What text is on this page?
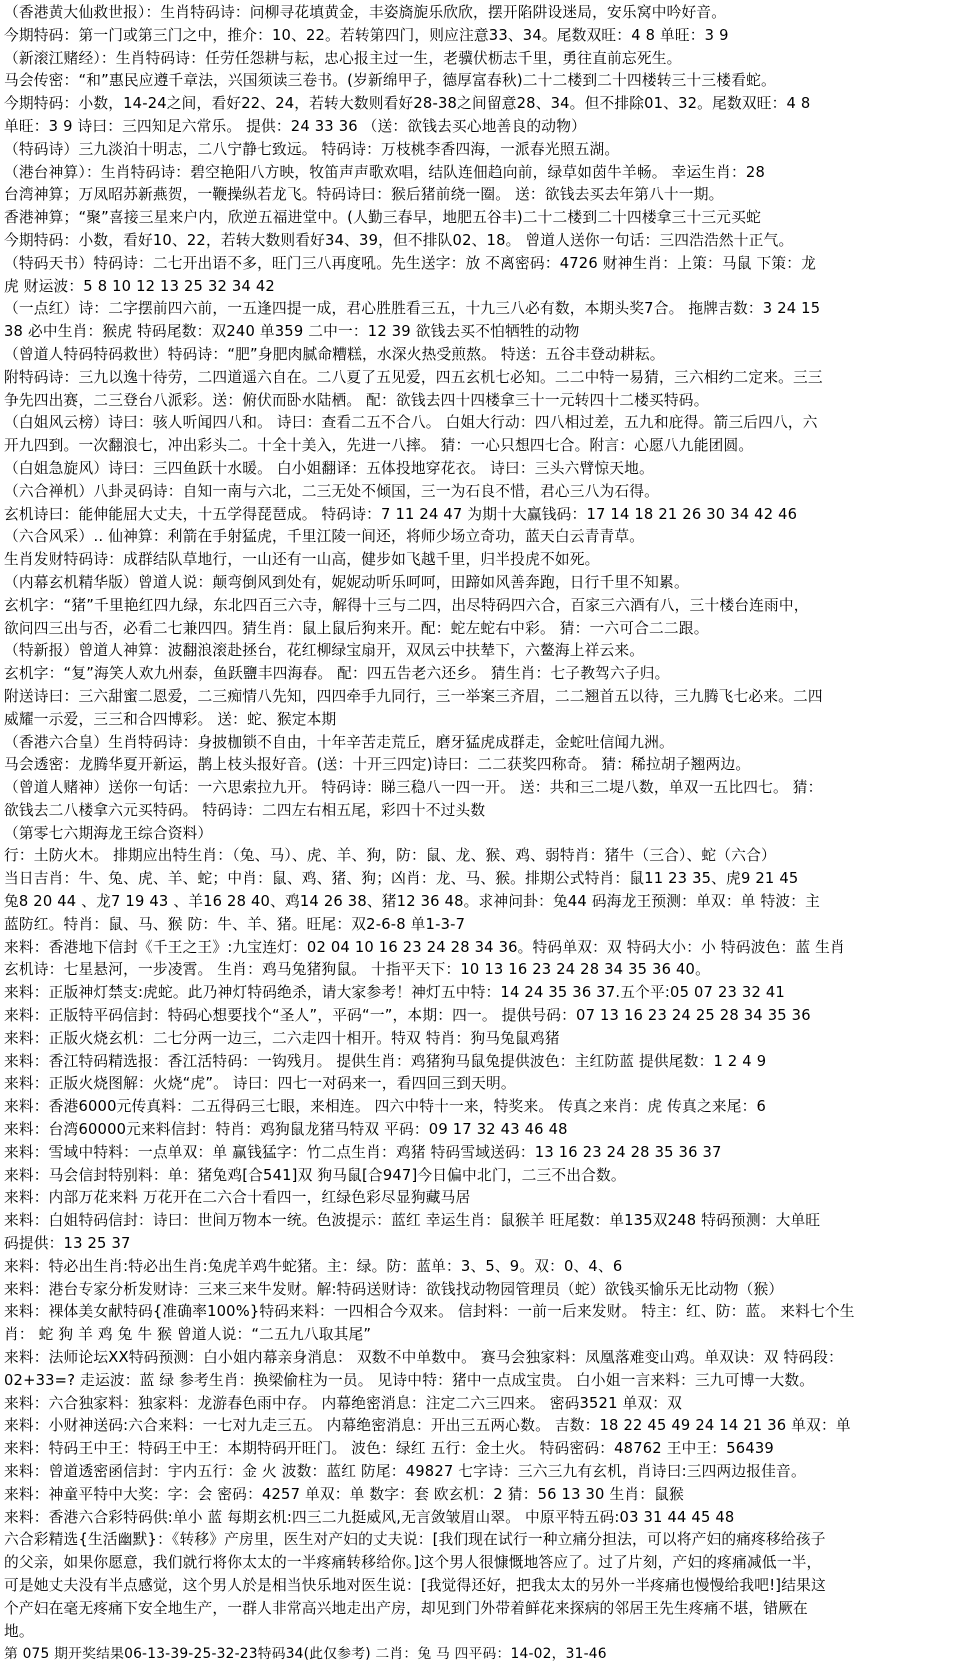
（香港黄大仙救世报）：生肖特码诗：问柳寻花填黄金，丰姿旖旎乐欣欣，摆开陷阱设迷局，安乐窝中吟好音。
今期特码：第一门或第三门之中，推介：10、22。若转第四门，则应注意33、34。尾数双旺：4 8 单旺：3 9
（新滚江赌经）：生肖特码诗：任劳任怨耕与耘，忠心报主过一生，老骥伏枥志千里，勇往直前忘死生。
马会传密：“和”惠民应遵千章法，兴国须读三卷书。(岁新绵甲子，德厚富春秋)二十二楼到二十四楼转三十三楼看蛇。
今期特码：小数，14-24之间，看好22、24，若转大数则看好28-38之间留意28、34。但不排除01、32。尾数双旺：4 8
单旺：3 9 诗曰：三四知足六常乐。 提供：24 33 36 （送：欲钱去买心地善良的动物）
（特码诗）三九淡泊十明志，二八宁静七致远。 特码诗：万枝桃李香四海，一派春光照五湖。
（港台神算）：生肖特码诗：碧空艳阳八方映，牧笛声声歌欢唱，结队连佃趋向前，绿草如茵牛羊畅。 幸运生肖：28
台湾神算；万凤昭苏新燕贺，一鞭操纵若龙飞。特码诗曰：猴后猪前绕一圈。 送：欲钱去买去年第八十一期。
香港神算；“聚”喜接三星来户内，欣逆五福进堂中。(人勤三春早，地肥五谷丰)二十二楼到二十四楼拿三十三元买蛇
今期特码：小数，看好10、22，若转大数则看好34、39，但不排队02、18。 曾道人送你一句话：三四浩浩然十正气。
（特码天书）特码诗：二七开出语不多，旺门三八再度吼。先生送字：放 不离密码：4726 财神生肖：上策：马鼠 下策：龙
虎 财运波：5 8 10 12 13 25 32 34 42
（一点红）诗：二字摆前四六前，一五逢四提一成，君心胜胜看三五，十九三八必有数，本期头奖7合。 拖牌吉数：3 24 15
38 必中生肖：猴虎 特码尾数：双240 单359 二中一：12 39 欲钱去买不怕牺牲的动物
（曾道人特码特码救世）特码诗：“肥”身肥肉腻命糟糕，水深火热受煎熬。 特送：五谷丰登动耕耘。
附特码诗：三九以逸十待劳，二四道遥六自在。二八夏了五见爱，四五玄机七必知。二二中特一易猜，三六相约二定来。三三
争先四出赛，二三登台八派彩。送：俯伏而卧水陆栖。 配：欲钱去四十四楼拿三十一元转四十二楼买特码。
（白姐风云榜）诗曰：骇人听闻四八和。 诗曰：查看二五不合八。 白姐大行动：四八相过差，五九和庇得。箭三后四八，六
开九四到。一次翻浪七，冲出彩头二。十全十美入，先进一八摔。 猜：一心只想四七合。附言：心愿八九能团圆。
（白姐急旋风）诗曰：三四鱼跃十水暖。 白小姐翻译：五体投地穿花衣。 诗曰：三头六臂惊天地。
（六合禅机）八卦灵码诗：自知一南与六北，二三无处不倾国，三一为石良不惜，君心三八为石得。
玄机诗曰：能伸能屈大丈夫，十五学得琵琶成。 特码诗：7 11 24 47 为期十大赢钱码：17 14 18 21 26 30 34 42 46
（六合风采）‥ 仙神算：利箭在手射猛虎，千里江陵一间还，将师少场立奇功，蓝天白云青青草。
生肖发财特码诗：成群结队草地行，一山还有一山高，健步如飞越千里，归半投虎不如死。
（内幕玄机精华版）曾道人说：颠弯倒风到处有，妮妮动听乐呵呵，田蹄如风善奔跑，日行千里不知累。
玄机字：“猪”千里艳红四九绿，东北四百三六寺，解得十三与二四，出尽特码四六合，百家三六酒有八，三十楼台连雨中，
欲问四三出与否，必看二七兼四四。猜生肖：鼠上鼠后狗来开。配：蛇左蛇右中彩。 猜：一六可合二二跟。
（特新报）曾道人神算：波翻浪滚赴拯台，花红柳绿宝扇开，双凤云中扶辇下，六鳌海上祥云来。
玄机字：“复”海笑人欢九州泰，鱼跃鹽丰四海春。 配：四五告老六还乡。 猜生肖：七子教驾六子归。
附送诗曰：三六甜蜜二恩爱，二三痴情八先知，四四牵手九同行，三一举案三齐眉，二二翘首五以待，三九腾飞七必来。二四
威耀一示爱，三三和合四博彩。 送：蛇、猴定本期
（香港六合皇）生肖特码诗：身披枷锁不自由，十年辛苦走荒丘，磨牙猛虎成群走，金蛇吐信闻九洲。
马会透密：龙腾华夏开新运，鹊上枝头报好音。(送：十开三四定)诗曰：二二获奖四称奇。 猜：稀拉胡子翘两边。
（曾道人赌神）送你一句话：一六思索拉九开。 特码诗：睇三稳八一四一开。 送：共和三二堤八数，单双一五比四七。 猜：
欲钱去二八楼拿六元买特码。 特码诗：二四左右相五尾，彩四十不过头数
（第零七六期海龙王综合资料）
行：土防火木。 排期应出特生肖：（兔、马）、虎、羊、狗，防：鼠、龙、猴、鸡、弱特肖：猪牛（三合）、蛇（六合）
当日吉肖：牛、兔、虎、羊、蛇；中肖：鼠、鸡、猪、狗；凶肖：龙、马、猴。排期公式特肖：鼠11 23 35、虎9 21 45
兔8 20 44 、龙7 19 43 、羊16 28 40、鸡14 26 38、猪12 36 48。求神问卦：兔44 码海龙王预测：单双：单 特波：主
蓝防红。特肖：鼠、马、猴 防：牛、羊、猪。旺尾：双2-6-8 单1-3-7
来料：香港地下信封《千王之王》:九宝连灯：02 04 10 16 23 24 28 34 36。特码单双：双 特码大小：小 特码波色：蓝 生肖
玄机诗：七星悬河，一步凌霄。 生肖：鸡马兔猪狗鼠。 十指平天下：10 13 16 23 24 28 34 35 36 40。
来料：正版神灯禁支:虎蛇。此乃神灯特码绝杀，请大家参考！神灯五中特：14 24 35 36 37.五个平:05 07 23 32 41
来料：正版特平码信封：特码心想要找个“圣人”，平码“一”，本期：四一。 提供号码：07 13 16 23 24 25 28 34 35 36
来料：正版火烧玄机：二七分两一边三，二六走四十相开。特双 特肖：狗马兔鼠鸡猪
来料：香江特码精选报：香江活特码：一钩残月。 提供生肖：鸡猪狗马鼠兔提供波色：主红防蓝 提供尾数：1 2 4 9
来料：正版火烧图解：火烧“虎”。 诗曰：四七一对码来一，看四回三到天明。
来料：香港6000元传真料：二五得码三七眼，来相连。 四六中特十一来，特奖来。 传真之来肖：虎 传真之来尾：6
来料：台湾60000元来料信封：特肖：鸡狗鼠龙猪马特双 平码：09 17 32 43 46 48
来料：雪域中特料：一点单双：单 赢钱猛字：竹二点生肖：鸡猪 特码雪域送码：13 16 23 24 28 35 36 37
来料：马会信封特别料：单：猪兔鸡[合541]双 狗马鼠[合947]今日偏中北门，二三不出合数。
来料：内部万花来料 万花开在二六合十看四一，红绿色彩尽显狗藏马居
来料：白姐特码信封：诗曰：世间万物本一统。色波提示：蓝红 幸运生肖：鼠猴羊 旺尾数：单135双248 特码预测：大单旺
码提供：13 25 37
来料：特必出生肖:特必出生肖:兔虎羊鸡牛蛇猪。主：绿。防：蓝单：3、5、9。双：0、4、6
来料：港台专家分析发财诗：三来三来牛发财。解:特码送财诗：欲钱找动物园管理员（蛇）欲钱买愉乐无比动物（猴）
来料：裸体美女献特码{准确率100%}特码来料：一四相合今双来。 信封料：一前一后来发财。 特主：红、防：蓝。 来料七个生
肖： 蛇 狗 羊 鸡 兔 牛 猴 曾道人说：“二五九八取其尾”
来料：法师论坛XX特码预测：白小姐内幕亲身消息： 双数不中单数中。 赛马会独家料：凤凰落难变山鸡。单双诀：双 特码段：
02+33=? 走运波：蓝 绿 参考生肖：换梁偷柱为一员。 见诗中特：猪中一点成宝贵。 白小姐一言来料：三九可博一大数。
来料：六合独家料：独家料：龙游春色雨中存。 内幕绝密消息：注定二六三四来。 密码3521 单双：双
来料：小财神送码:六合来料：一七对九走三五。 内幕绝密消息：开出三五两心数。 吉数：18 22 45 49 24 14 21 36 单双：单
来料：特码王中王：特码王中王：本期特码开旺门。 波色：绿红 五行：金土火。 特码密码：48762 王中王：56439
来料：曾道透密函信封：宇内五行：金 火 波数：蓝红 防尾：49827 七字诗：三六三九有玄机，肖诗曰:三四两边报佳音。
来料：神童平特中大奖：字：会 密码：4257 单双：单 数字：套 欧玄机：2 猜：56 13 30 生肖：鼠猴
来料：香港六合彩特码供:单小 蓝 每期玄机:四三二九挺威风,无言敛皱眉山翠。 中原平特五码:03 31 44 45 48
六合彩精选{生活幽默}：《转移》产房里，医生对产妇的丈夫说：[我们现在试行一种立痛分担法，可以将产妇的痛疼移给孩子
的父亲，如果你愿意，我们就行将你太太的一半疼痛转移给你。]这个男人很慷慨地答应了。过了片刻，产妇的疼痛减低一半，
可是她丈夫没有半点感觉，这个男人於是相当快乐地对医生说：[我觉得还好，把我太太的另外一半疼痛也慢慢给我吧!]结果这
个产妇在毫无疼痛下安全地生产，一群人非常高兴地走出产房，却见到门外带着鲜花来探病的邻居王先生疼痛不堪，错厥在
地。
第 075 期开奖结果06-13-39-25-32-23特码34(此仅参考) 二肖：兔 马 四平码：14-02，31-46
